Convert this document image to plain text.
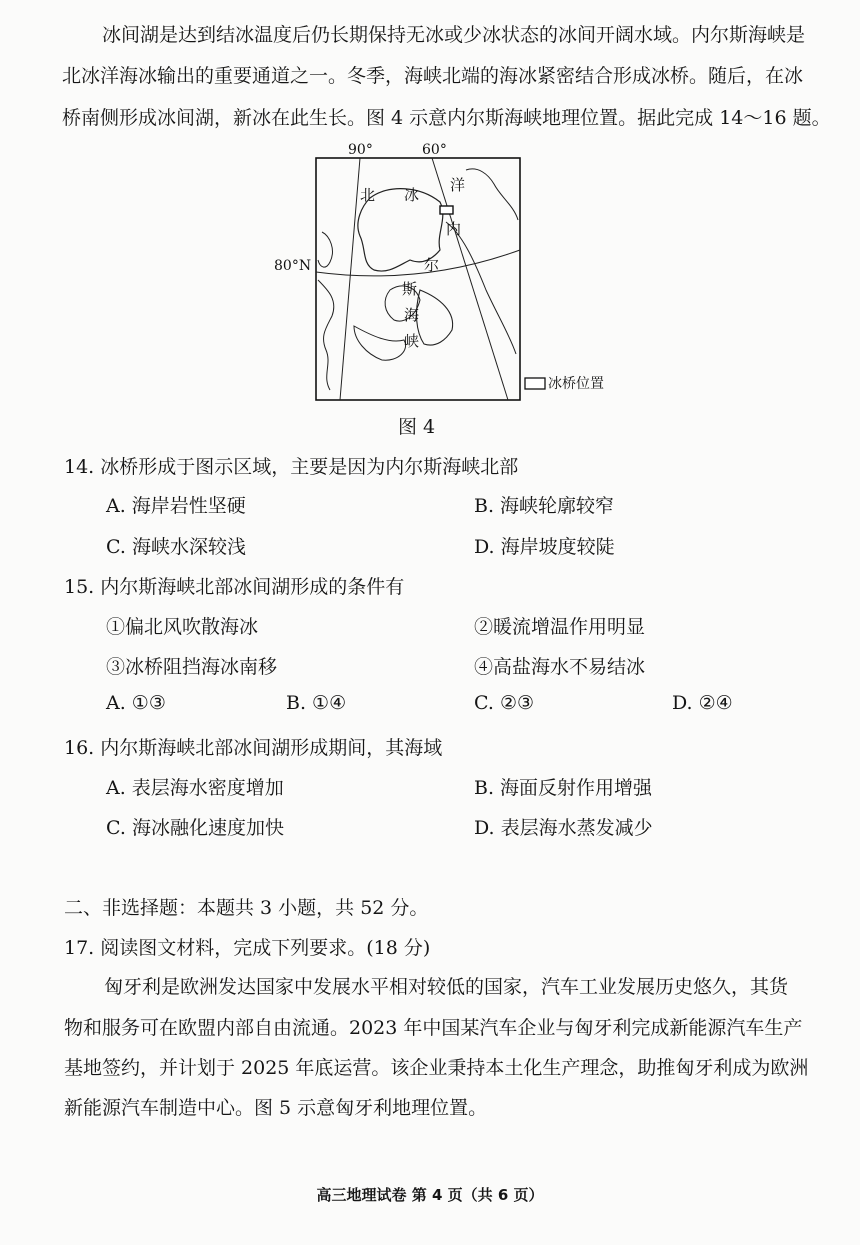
冰间湖是达到结冰温度后仍长期保持无冰或少冰状态的冰间开阔水域。内尔斯海峡是
北冰洋海冰输出的重要通道之一。冬季，海峡北端的海冰紧密结合形成冰桥。随后，在冰
桥南侧形成冰间湖，新冰在此生长。图 4 示意内尔斯海峡地理位置。据此完成 14～16 题。
90°	60°
80°N
北 冰
洋
内
尔
斯
海
峡
冰桥位置
图 4
14. 冰桥形成于图示区域，主要是因为内尔斯海峡北部
A. 海岸岩性坚硬	B. 海峡轮廓较窄
C. 海峡水深较浅	D. 海岸坡度较陡
15. 内尔斯海峡北部冰间湖形成的条件有
①偏北风吹散海冰	②暖流增温作用明显
③冰桥阻挡海冰南移	④高盐海水不易结冰
A. ①③	B. ①④	C. ②③	D. ②④
16. 内尔斯海峡北部冰间湖形成期间，其海域
A. 表层海水密度增加	B. 海面反射作用增强
C. 海冰融化速度加快	D. 表层海水蒸发减少
二、非选择题：本题共 3 小题，共 52 分。
17. 阅读图文材料，完成下列要求。(18 分)
匈牙利是欧洲发达国家中发展水平相对较低的国家，汽车工业发展历史悠久，其货
物和服务可在欧盟内部自由流通。2023 年中国某汽车企业与匈牙利完成新能源汽车生产
基地签约，并计划于 2025 年底运营。该企业秉持本土化生产理念，助推匈牙利成为欧洲
新能源汽车制造中心。图 5 示意匈牙利地理位置。
高三地理试卷 第 4 页（共 6 页）
